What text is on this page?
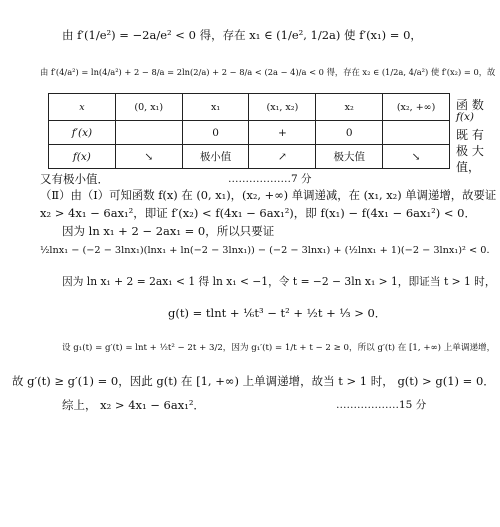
由 f′(1/e²) = −2a/e² < 0 得，存在 x₁ ∈ (1/e², 1/2a) 使 f′(x₁) = 0，
由 f′(4/a²) = ln(4/a²) + 2 − 8/a = 2ln(2/a) + 2 − 8/a < (2a − 4)/a < 0 得，存在 x₂ ∈ (1/2a, 4/a²) 使 f′(x₂) = 0，故
x	(0, x₁)	x₁	(x₁, x₂)	x₂	(x₂, +∞)
f′(x)		0	+	0	
f(x)	↘	极小值	↗	极大值	↘
函 数
f(x)
既 有
极 大
值，
又有极小值．	………………7 分
（Ⅱ）由（Ⅰ）可知函数 f(x) 在 (0, x₁)，(x₂, +∞) 单调递减，在 (x₁, x₂) 单调递增，故要证
x₂ > 4x₁ − 6ax₁²，即证 f′(x₂) < f(4x₁ − 6ax₁²)，即 f(x₁) − f(4x₁ − 6ax₁²) < 0．
因为 ln x₁ + 2 − 2ax₁ = 0，所以只要证
½lnx₁ − (−2 − 3lnx₁)(lnx₁ + ln(−2 − 3lnx₁)) − (−2 − 3lnx₁) + (½lnx₁ + 1)(−2 − 3lnx₁)² < 0．
因为 ln x₁ + 2 = 2ax₁ < 1 得 ln x₁ < −1，令 t = −2 − 3ln x₁ > 1，即证当 t > 1 时，
g(t) = tlnt + ⅙t³ − t² + ½t + ⅓ > 0．
设 g₁(t) = g′(t) = lnt + ½t² − 2t + 3/2，因为 g₁′(t) = 1/t + t − 2 ≥ 0，所以 g′(t) 在 [1, +∞) 上单调递增，
故 g′(t) ≥ g′(1) = 0，因此 g(t) 在 [1, +∞) 上单调递增，故当 t > 1 时， g(t) > g(1) = 0．
综上， x₂ > 4x₁ − 6ax₁²．	………………15 分
